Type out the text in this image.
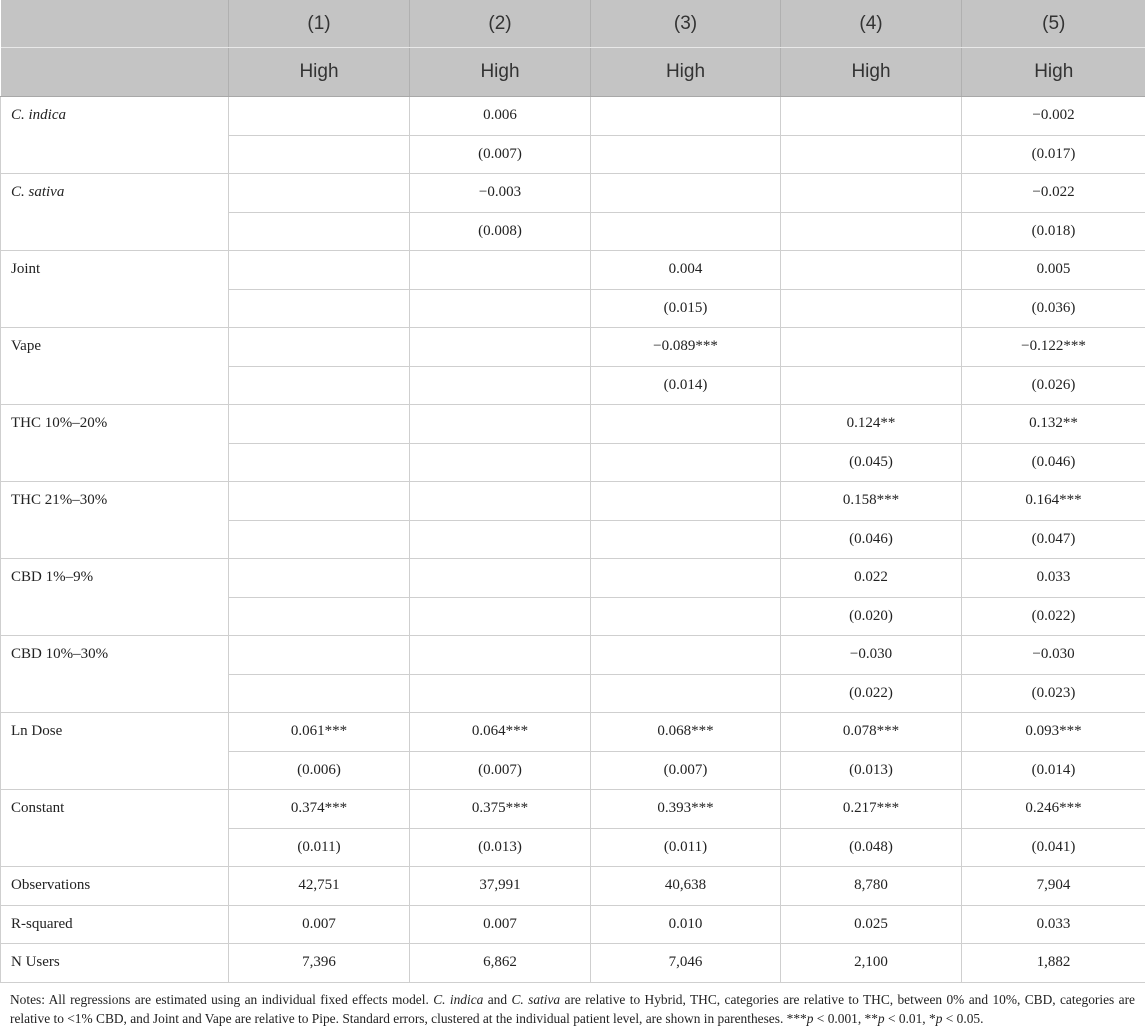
	(1)	(2)	(3)	(4)	(5)
	High	High	High	High	High
C. indica		0.006			−0.002
		(0.007)			(0.017)
C. sativa		−0.003			−0.022
		(0.008)			(0.018)
Joint			0.004		0.005
			(0.015)		(0.036)
Vape			−0.089***		−0.122***
			(0.014)		(0.026)
THC 10%–20%				0.124**	0.132**
				(0.045)	(0.046)
THC 21%–30%				0.158***	0.164***
				(0.046)	(0.047)
CBD 1%–9%				0.022	0.033
				(0.020)	(0.022)
CBD 10%–30%				−0.030	−0.030
				(0.022)	(0.023)
Ln Dose	0.061***	0.064***	0.068***	0.078***	0.093***
	(0.006)	(0.007)	(0.007)	(0.013)	(0.014)
Constant	0.374***	0.375***	0.393***	0.217***	0.246***
	(0.011)	(0.013)	(0.011)	(0.048)	(0.041)
Observations	42,751	37,991	40,638	8,780	7,904
R-squared	0.007	0.007	0.010	0.025	0.033
N Users	7,396	6,862	7,046	2,100	1,882
Notes: All regressions are estimated using an individual fixed effects model. C. indica and C. sativa are relative to Hybrid, THC, categories are relative to THC, between 0% and 10%, CBD, categories are relative to <1% CBD, and Joint and Vape are relative to Pipe. Standard errors, clustered at the individual patient level, are shown in parentheses. ***p < 0.001, **p < 0.01, *p < 0.05.
